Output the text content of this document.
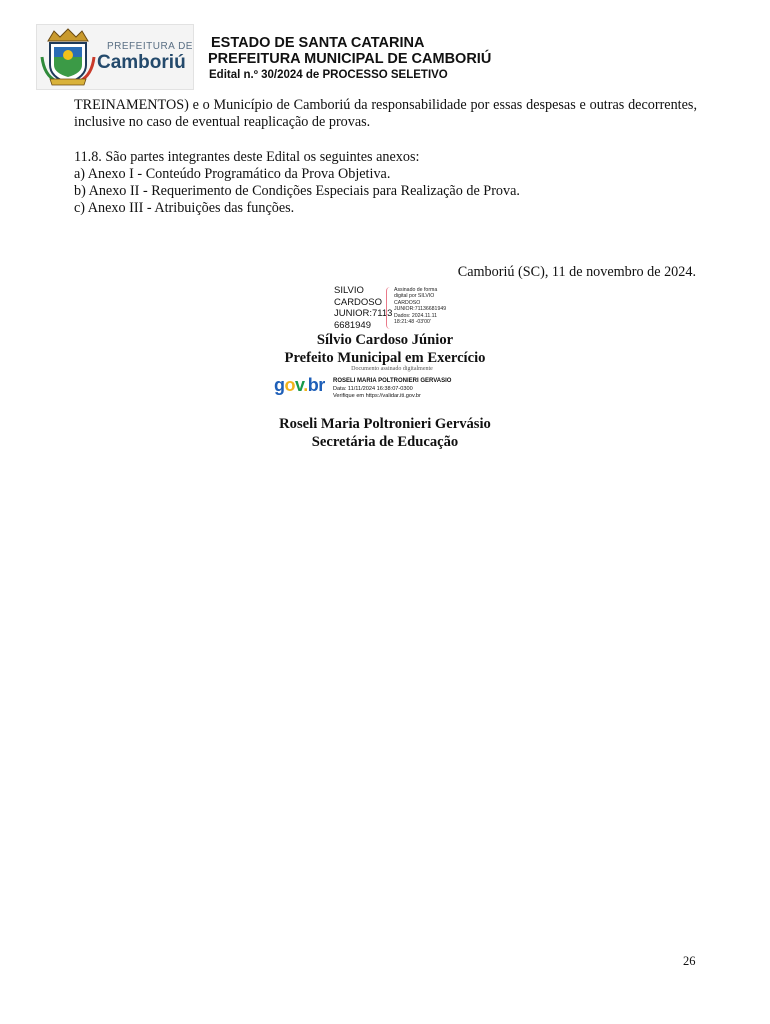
PREFEITURA DE
Camboriú
ESTADO DE SANTA CATARINA
PREFEITURA MUNICIPAL DE CAMBORIÚ
Edital n.º 30/2024 de PROCESSO SELETIVO
TREINAMENTOS) e o Município de Camboriú da responsabilidade por essas despesas e outras decorrentes, inclusive no caso de eventual reaplicação de provas.
11.8. São partes integrantes deste Edital os seguintes anexos:
a) Anexo I - Conteúdo Programático da Prova Objetiva.
b) Anexo II - Requerimento de Condições Especiais para Realização de Prova.
c) Anexo III - Atribuições das funções.
Camboriú (SC), 11 de novembro de 2024.
SILVIO
CARDOSO
JUNIOR:7113
6681949
Assinado de forma
digital por SILVIO
CARDOSO
JUNIOR:71136681949
Dados: 2024.11.11
18:21:48 -03'00'
Sílvio Cardoso Júnior
Prefeito Municipal em Exercício
Documento assinado digitalmente
gov.br ROSELI MARIA POLTRONIERI GERVASIO
Data: 11/11/2024 16:38:07-0300
Verifique em https://validar.iti.gov.br
Roseli Maria Poltronieri Gervásio
Secretária de Educação
26
